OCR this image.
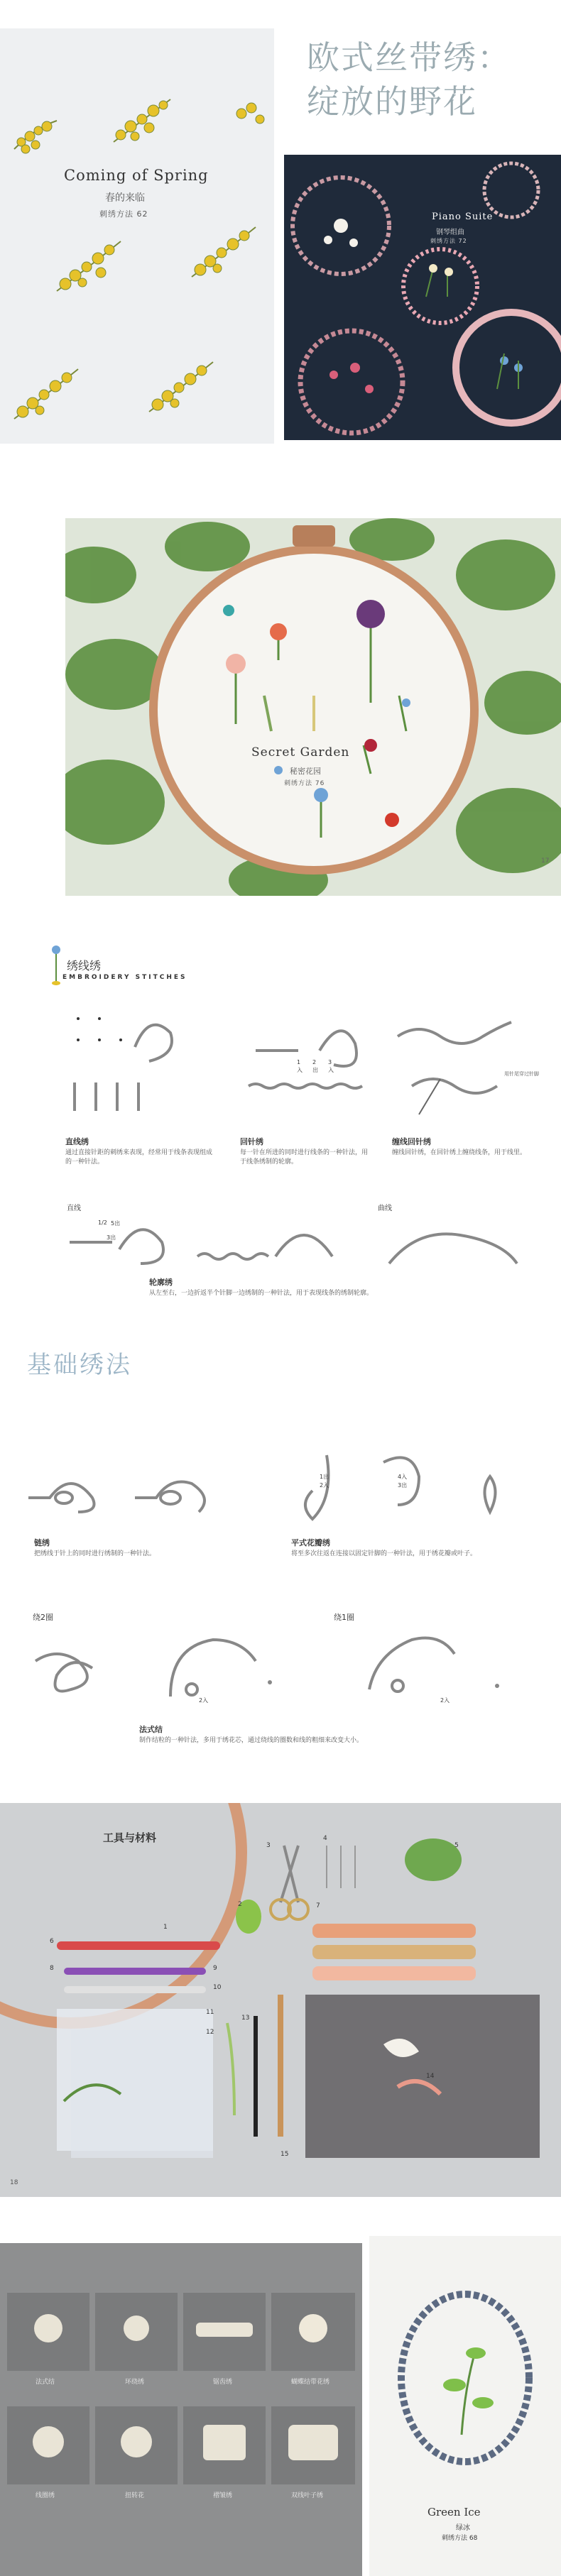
Coming of Spring
春的来临
刺绣方法 62
欧式丝带绣：
绽放的野花
Piano Suite
钢琴组曲
刺绣方法 72
Secret Garden
秘密花园
刺绣方法 76
17
绣线绣
EMBROIDERY STITCHES
1 2 3
入 出 入
用针尾穿过针脚
直线绣
通过直接针距的刺绣来表现，经常用于线条表现组成的一种针法。
回针绣
每一针在所进的同时进行线条的一种针法，用于线条绣制的轮廓。
缠线回针绣
缠线回针绣，在回针绣上缠绕线条，用于线里。
直线	曲线
1/2 5出
3出
轮廓绣
从左至右，一边折返半个针脚一边绣制的一种针法，用于表现线条的绣制轮廓。
基础绣法
链绣
把绣线于针上的同时进行绣制的一种针法。
1出
2入
4入
3出
平式花瓣绣
将至多次往返在连接以固定针脚的一种针法，用于绣花瓣或叶子。
绕2圈	绕1圈
2入	2入
法式结
制作结粒的一种针法，多用于绣花芯，通过绕线的圈数和线的粗细来改变大小。
工具与材料
1
2
3
4
5
6
7
8	9
10
11
12
13
14
15
18
法式结	环绕绣	锯齿绣	蝴蝶结带花绣
线圈绣	扭转花	褶皱绣	双线叶子绣
Green Ice
绿冰
刺绣方法 68
